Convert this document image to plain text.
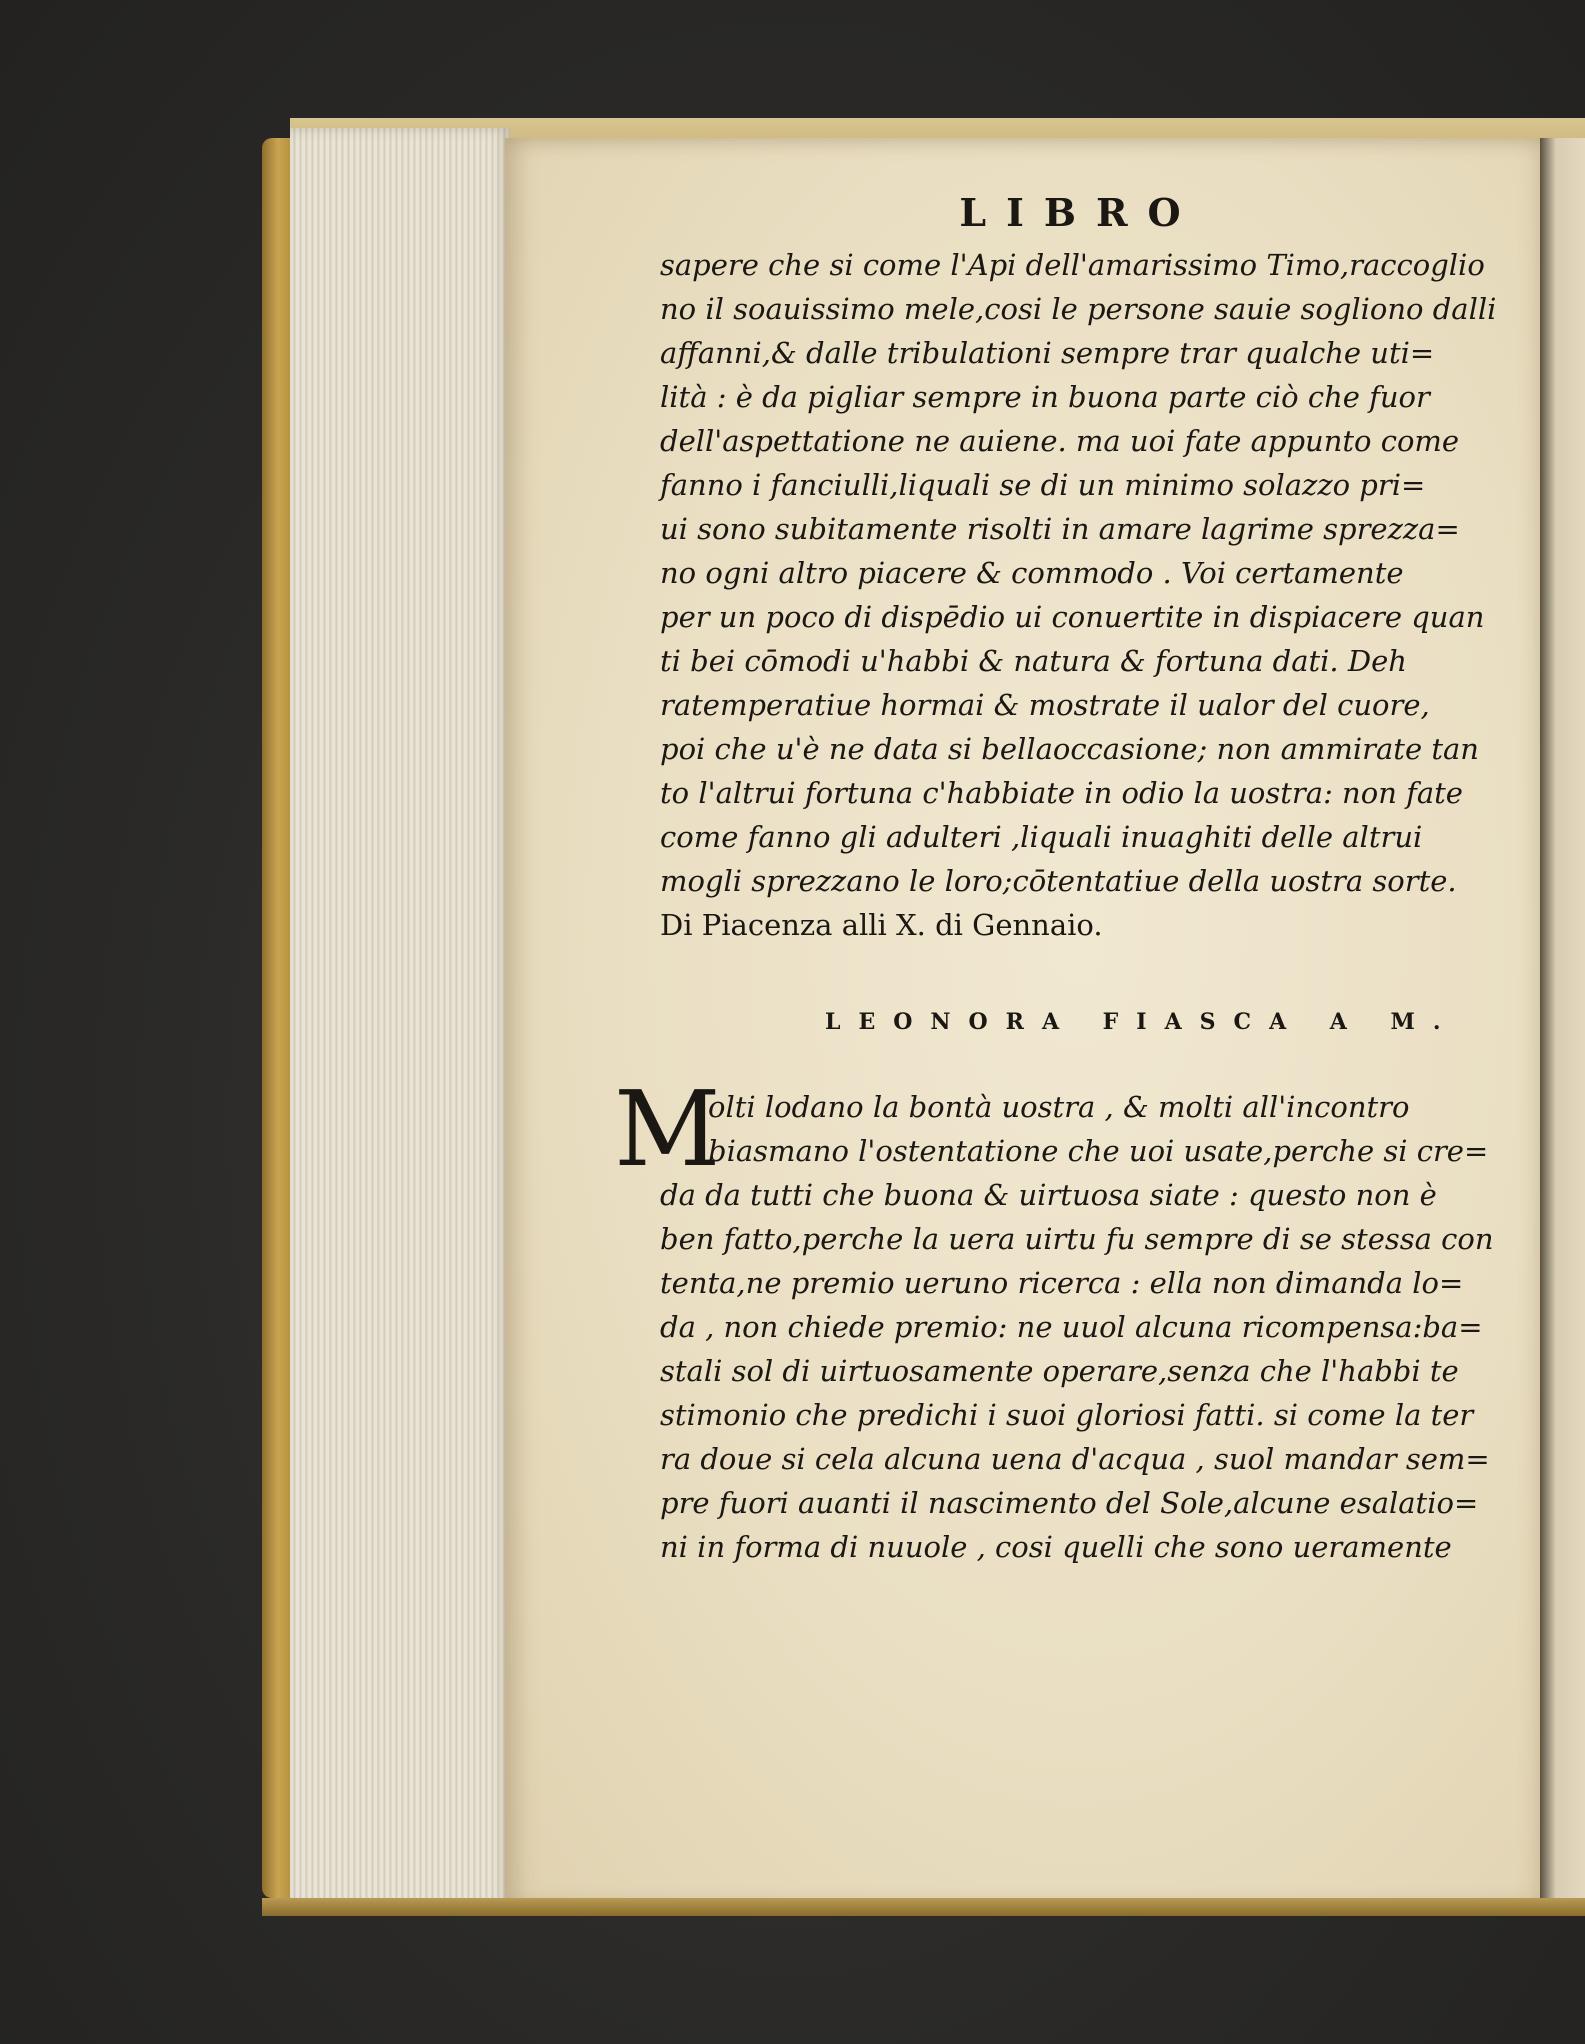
LIBRO

sapere che si come l'Api dell'amarissimo Timo,raccoglio

no il soauissimo mele,cosi le persone sauie sogliono dalli

affanni,& dalle tribulationi sempre trar qualche uti=

lità : è da pigliar sempre in buona parte ciò che fuor

dell'aspettatione ne auiene. ma uoi fate appunto come

fanno i fanciulli,liquali se di un minimo solazzo pri=

ui sono subitamente risolti in amare lagrime sprezza=

no ogni altro piacere & commodo . Voi certamente

per un poco di dispēdio ui conuertite in dispiacere quan

ti bei cōmodi u'habbi & natura & fortuna dati. Deh

ratemperatiue hormai & mostrate il ualor del cuore,

poi che u'è ne data si bellaoccasione; non ammirate tan

to l'altrui fortuna c'habbiate in odio la uostra: non fate

come fanno gli adulteri ,liquali inuaghiti delle altrui

mogli sprezzano le loro;cōtentatiue della uostra sorte.

Di Piacenza alli X. di Gennaio.

LEONORA FIASCA A M.
M

olti lodano la bontà uostra , & molti all'incontro

biasmano l'ostentatione che uoi usate,perche si cre=

da da tutti che buona & uirtuosa siate : questo non è

ben fatto,perche la uera uirtu fu sempre di se stessa con

tenta,ne premio ueruno ricerca : ella non dimanda lo=

da , non chiede premio: ne uuol alcuna ricompensa:ba=

stali sol di uirtuosamente operare,senza che l'habbi te

stimonio che predichi i suoi gloriosi fatti. si come la ter

ra doue si cela alcuna uena d'acqua , suol mandar sem=

pre fuori auanti il nascimento del Sole,alcune esalatio=

ni in forma di nuuole , cosi quelli che sono ueramente
